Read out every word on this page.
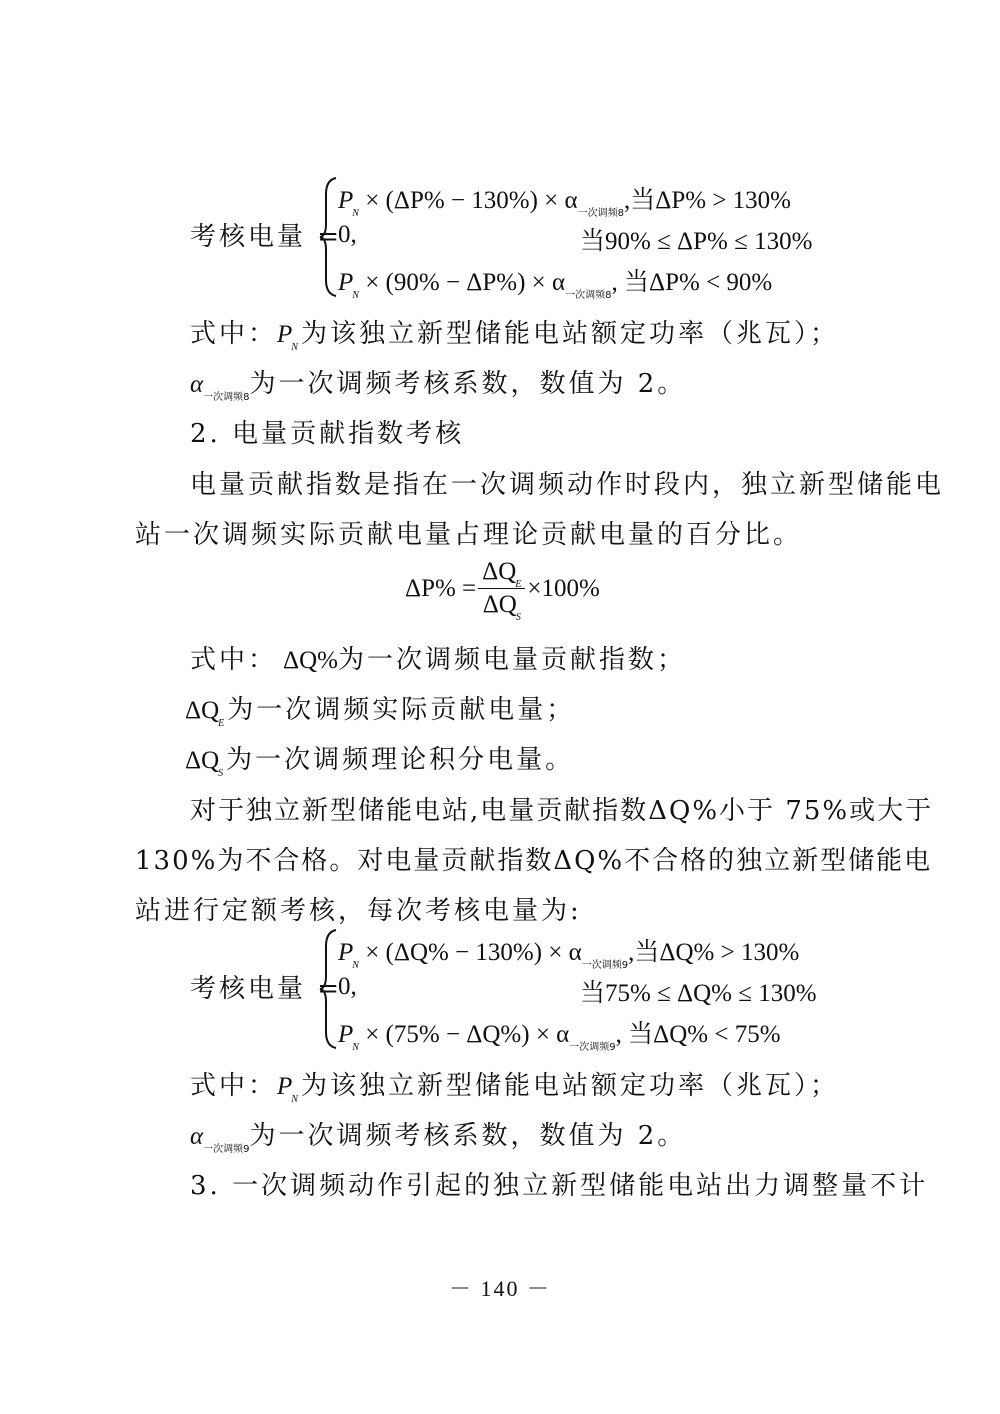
考核电量 =
$P_N \times (\Delta P\% - 130\%) \times \alpha_{一次调频8}$,当ΔP% > 130%
0,	当90% ≤ ΔP% ≤ 130%
$P_N \times (90\% - \Delta P\%) \times \alpha_{一次调频8}$, 当ΔP% < 90%
式中：$P_N$为该独立新型储能电站额定功率（兆瓦）；
$\alpha_{一次调频8}$为一次调频考核系数，数值为 2。
2. 电量贡献指数考核
电量贡献指数是指在一次调频动作时段内，独立新型储能电
站一次调频实际贡献电量占理论贡献电量的百分比。
$\Delta P\% = \frac{\Delta Q_E}{\Delta Q_S} \times 100\%$
式中： ΔQ%为一次调频电量贡献指数；
$\Delta Q_E$为一次调频实际贡献电量；
$\Delta Q_S$为一次调频理论积分电量。
对于独立新型储能电站,电量贡献指数ΔQ%小于 75%或大于
130%为不合格。对电量贡献指数ΔQ%不合格的独立新型储能电
站进行定额考核，每次考核电量为:
考核电量 =
$P_N \times (\Delta Q\% - 130\%) \times \alpha_{一次调频9}$,当ΔQ% > 130%
0,	当75% ≤ ΔQ% ≤ 130%
$P_N \times (75\% - \Delta Q\%) \times \alpha_{一次调频9}$, 当ΔQ% < 75%
式中：$P_N$为该独立新型储能电站额定功率（兆瓦）；
$\alpha_{一次调频9}$为一次调频考核系数，数值为 2。
3. 一次调频动作引起的独立新型储能电站出力调整量不计
－ 140 －
